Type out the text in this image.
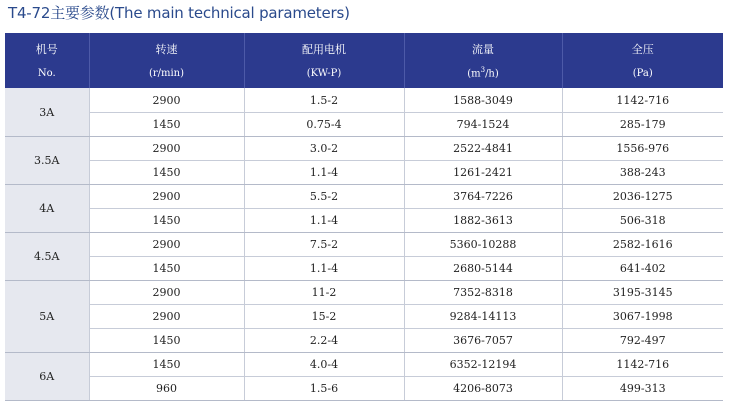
T4-72主要参数(The main technical parameters)
机号	转速	配用电机	流量	全压
No.	(r/min)	(KW-P)	$(m^3/h)$	(Pa)
3A	2900	1.5-2	1588-3049	1142-716
	1450	0.75-4	794-1524	285-179
3.5A	2900	3.0-2	2522-4841	1556-976
	1450	1.1-4	1261-2421	388-243
4A	2900	5.5-2	3764-7226	2036-1275
	1450	1.1-4	1882-3613	506-318
4.5A	2900	7.5-2	5360-10288	2582-1616
	1450	1.1-4	2680-5144	641-402
5A	2900	11-2	7352-8318	3195-3145
	2900	15-2	9284-14113	3067-1998
	1450	2.2-4	3676-7057	792-497
6A	1450	4.0-4	6352-12194	1142-716
	960	1.5-6	4206-8073	499-313
